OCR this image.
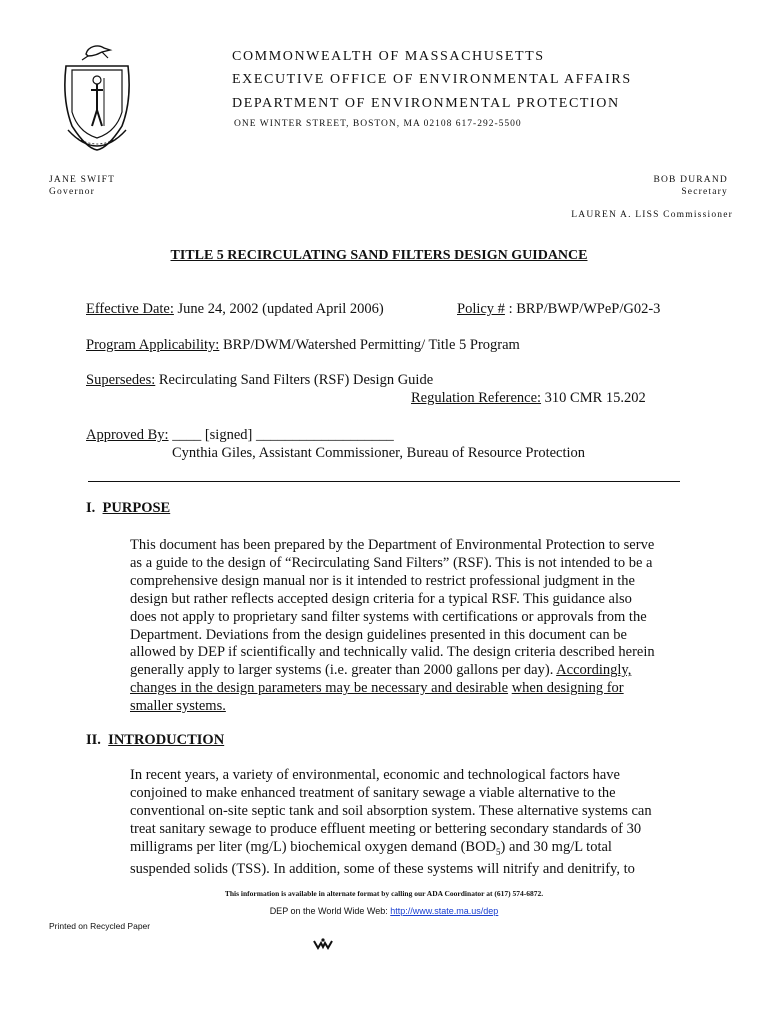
COMMONWEALTH OF MASSACHUSETTS
EXECUTIVE OFFICE OF ENVIRONMENTAL AFFAIRS
DEPARTMENT OF ENVIRONMENTAL PROTECTION
ONE WINTER STREET, BOSTON, MA 02108 617-292-5500
JANE SWIFT
Governor
BOB DURAND
Secretary
LAUREN A. LISS Commissioner
TITLE 5 RECIRCULATING SAND FILTERS DESIGN GUIDANCE
Effective Date: June 24, 2002 (updated April 2006)	Policy # : BRP/BWP/WPeP/G02-3
Program Applicability: BRP/DWM/Watershed Permitting/ Title 5 Program
Supersedes: Recirculating Sand Filters (RSF) Design Guide
Regulation Reference: 310 CMR 15.202
Approved By: ____ [signed] ___________________
Cynthia Giles, Assistant Commissioner, Bureau of Resource Protection
I. PURPOSE
This document has been prepared by the Department of Environmental Protection to serve
as a guide to the design of “Recirculating Sand Filters” (RSF). This is not intended to be a
comprehensive design manual nor is it intended to restrict professional judgment in the
design but rather reflects accepted design criteria for a typical RSF. This guidance also
does not apply to proprietary sand filter systems with certifications or approvals from the
Department. Deviations from the design guidelines presented in this document can be
allowed by DEP if scientifically and technically valid. The design criteria described herein
generally apply to larger systems (i.e. greater than 2000 gallons per day). Accordingly,
changes in the design parameters may be necessary and desirable when designing for
smaller systems.
II. INTRODUCTION
In recent years, a variety of environmental, economic and technological factors have
conjoined to make enhanced treatment of sanitary sewage a viable alternative to the
conventional on-site septic tank and soil absorption system. These alternative systems can
treat sanitary sewage to produce effluent meeting or bettering secondary standards of 30
milligrams per liter (mg/L) biochemical oxygen demand $(BOD_5)$ and 30 mg/L total
suspended solids (TSS). In addition, some of these systems will nitrify and denitrify, to
This information is available in alternate format by calling our ADA Coordinator at (617) 574-6872.
DEP on the World Wide Web: http://www.state.ma.us/dep
Printed on Recycled Paper
